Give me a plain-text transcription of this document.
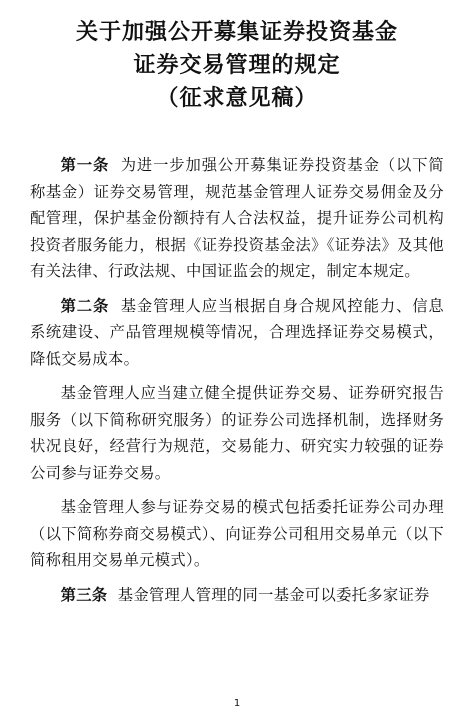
关于加强公开募集证券投资基金
证券交易管理的规定
（征求意见稿）

第一条 为进一步加强公开募集证券投资基金（以下简称基金）证券交易管理，规范基金管理人证券交易佣金及分配管理，保护基金份额持有人合法权益，提升证券公司机构投资者服务能力，根据《证券投资基金法》《证券法》及其他有关法律、行政法规、中国证监会的规定，制定本规定。

第二条 基金管理人应当根据自身合规风控能力、信息系统建设、产品管理规模等情况，合理选择证券交易模式，降低交易成本。

基金管理人应当建立健全提供证券交易、证券研究报告服务（以下简称研究服务）的证券公司选择机制，选择财务状况良好，经营行为规范，交易能力、研究实力较强的证券公司参与证券交易。

基金管理人参与证券交易的模式包括委托证券公司办理（以下简称券商交易模式）、向证券公司租用交易单元（以下简称租用交易单元模式）。

第三条 基金管理人管理的同一基金可以委托多家证券

1
